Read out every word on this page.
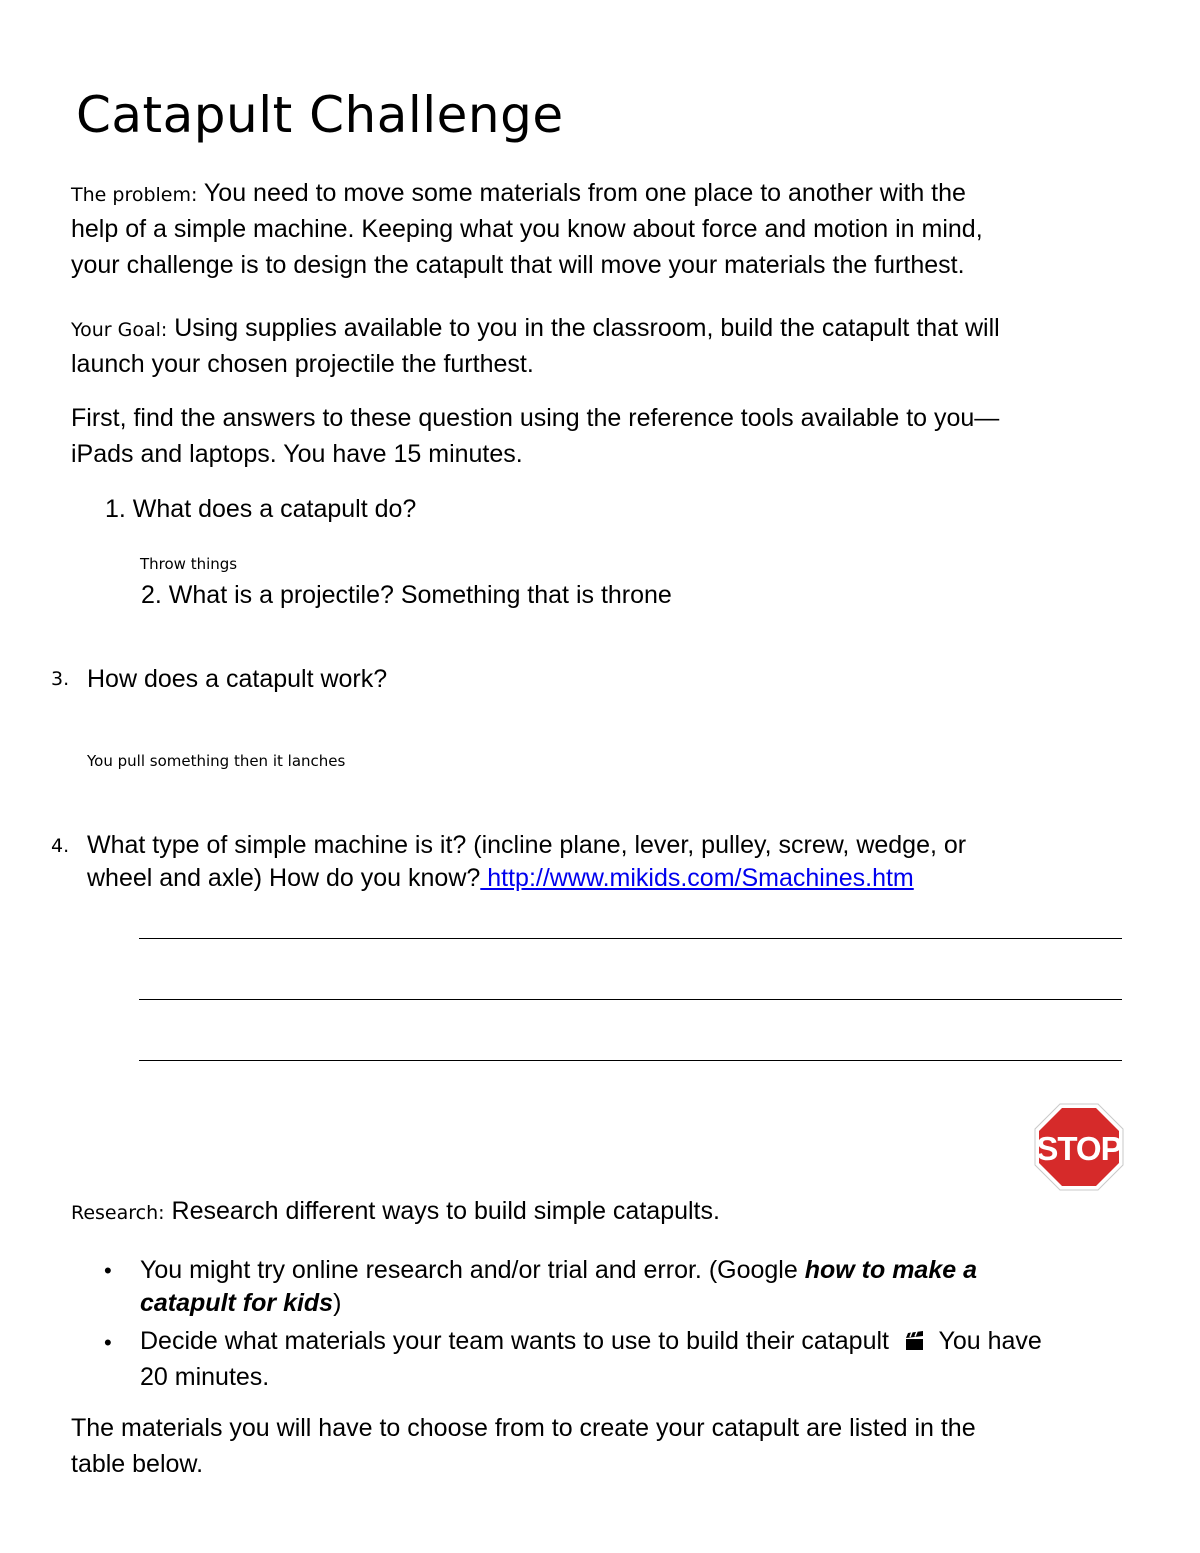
Catapult Challenge
The problem: You need to move some materials from one place to another with the
help of a simple machine. Keeping what you know about force and motion in mind,
your challenge is to design the catapult that will move your materials the furthest.
Your Goal: Using supplies available to you in the classroom, build the catapult that will
launch your chosen projectile the furthest.
First, find the answers to these question using the reference tools available to you—
iPads and laptops. You have 15 minutes.
1. What does a catapult do?
Throw things
2. What is a projectile? Something that is throne
3. How does a catapult work?
You pull something then it lanches
4. What type of simple machine is it? (incline plane, lever, pulley, screw, wedge, or
wheel and axle) How do you know? http://www.mikids.com/Smachines.htm
STOP
Research: Research different ways to build simple catapults.
• You might try online research and/or trial and error. (Google how to make a
catapult for kids)
• Decide what materials your team wants to use to build their catapult You have
20 minutes.
The materials you will have to choose from to create your catapult are listed in the
table below.
